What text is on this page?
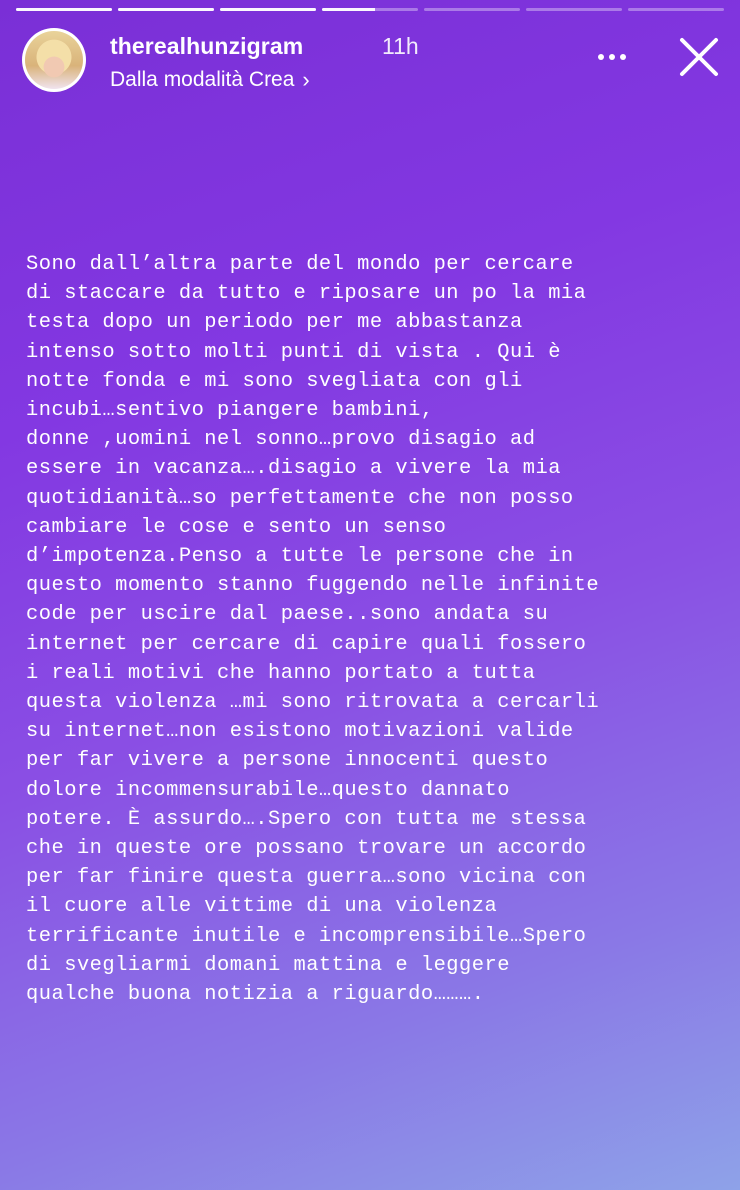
therealhunzigram	11h
Dalla modalità Crea ›
Sono dall’altra parte del mondo per cercare
di staccare da tutto e riposare un po la mia
testa dopo un periodo per me abbastanza
intenso sotto molti punti di vista . Qui è
notte fonda e mi sono svegliata con gli
incubi…sentivo piangere bambini,
donne ,uomini nel sonno…provo disagio ad
essere in vacanza….disagio a vivere la mia
quotidianità…so perfettamente che non posso
cambiare le cose e sento un senso
d’impotenza.Penso a tutte le persone che in
questo momento stanno fuggendo nelle infinite
code per uscire dal paese..sono andata su
internet per cercare di capire quali fossero
i reali motivi che hanno portato a tutta
questa violenza …mi sono ritrovata a cercarli
su internet…non esistono motivazioni valide
per far vivere a persone innocenti questo
dolore incommensurabile…questo dannato
potere. È assurdo….Spero con tutta me stessa
che in queste ore possano trovare un accordo
per far finire questa guerra…sono vicina con
il cuore alle vittime di una violenza
terrificante inutile e incomprensibile…Spero
di svegliarmi domani mattina e leggere
qualche buona notizia a riguardo……….
